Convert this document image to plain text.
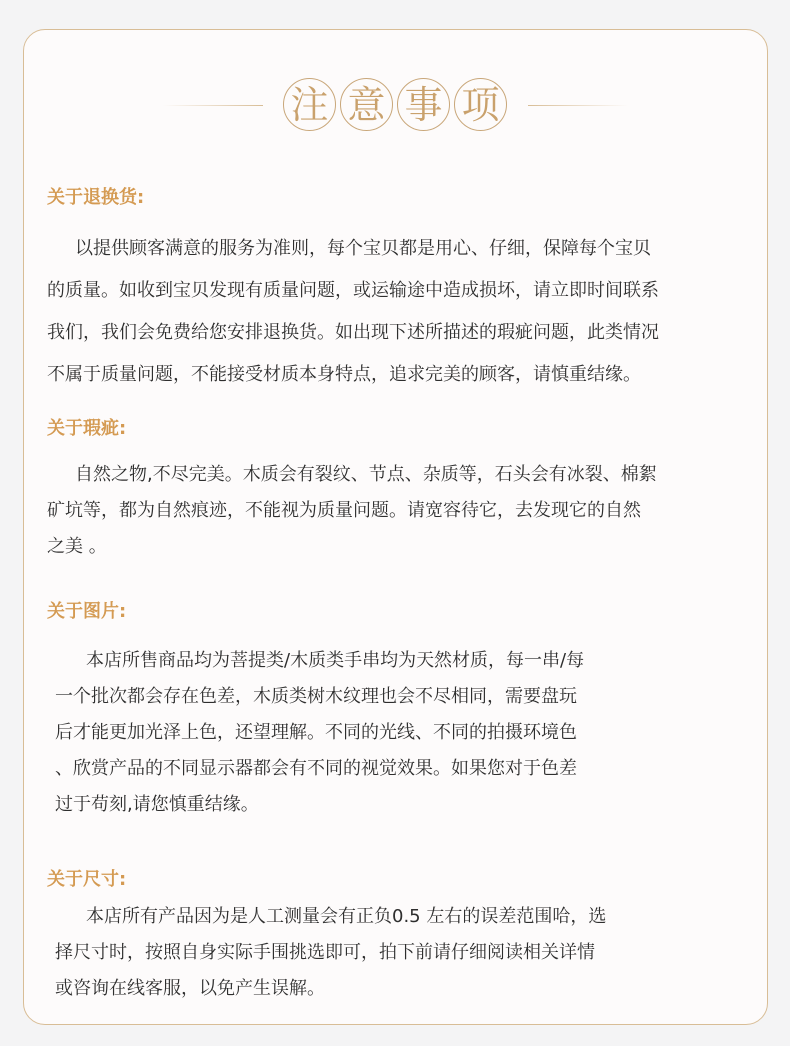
注 意 事 项
关于退换货:

以提供顾客满意的服务为准则，每个宝贝都是用心、仔细，保障每个宝贝
的质量。如收到宝贝发现有质量问题，或运输途中造成损坏，请立即时间联系
我们，我们会免费给您安排退换货。如出现下述所描述的瑕疵问题，此类情况
不属于质量问题，不能接受材质本身特点，追求完美的顾客，请慎重结缘。

关于瑕疵:

自然之物,不尽完美。木质会有裂纹、节点、杂质等，石头会有冰裂、棉絮
矿坑等，都为自然痕迹，不能视为质量问题。请宽容待它，去发现它的自然
之美 。

关于图片:

本店所售商品均为菩提类/木质类手串均为天然材质，每一串/每
一个批次都会存在色差，木质类树木纹理也会不尽相同，需要盘玩
后才能更加光泽上色，还望理解。不同的光线、不同的拍摄环境色
、欣赏产品的不同显示器都会有不同的视觉效果。如果您对于色差
过于苟刻,请您慎重结缘。

关于尺寸:

本店所有产品因为是人工测量会有正负0.5 左右的误差范围哈，选
择尺寸时，按照自身实际手围挑选即可，拍下前请仔细阅读相关详情
或咨询在线客服，以免产生误解。
